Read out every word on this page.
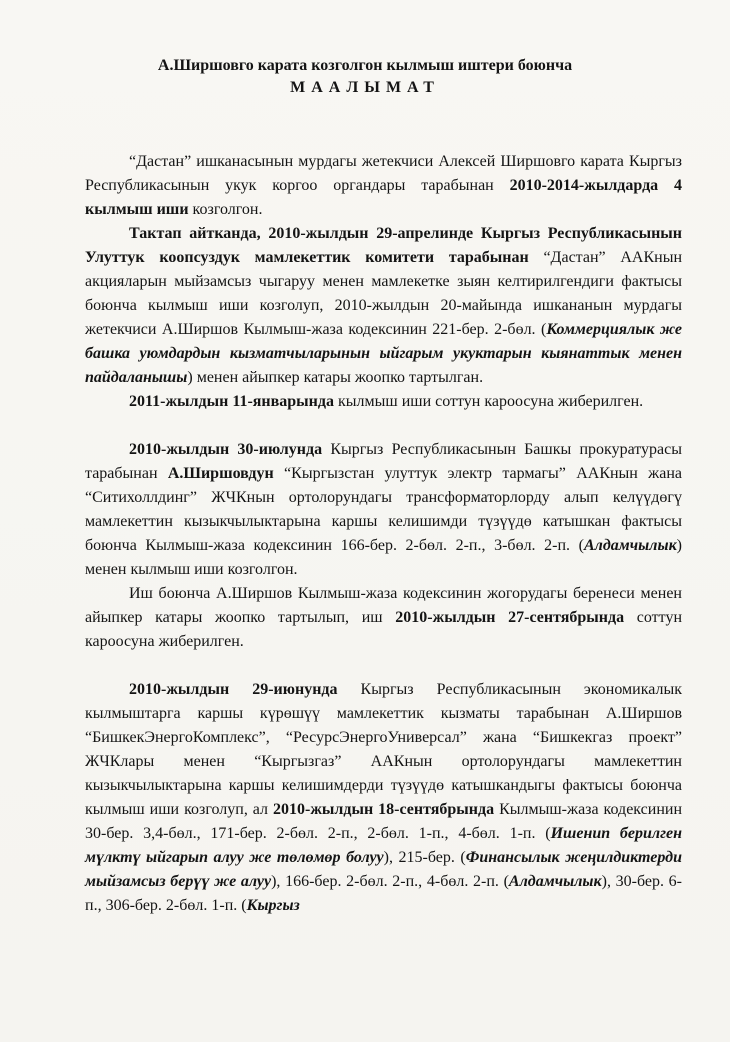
А.Ширшовго карата козголгон кылмыш иштери боюнча
МААЛЫМАТ

“Дастан” ишканасынын мурдагы жетекчиси Алексей Ширшовго карата Кыргыз Республикасынын укук коргоо органдары тарабынан 2010-2014-жылдарда 4 кылмыш иши козголгон.

Тактап айтканда, 2010-жылдын 29-апрелинде Кыргыз Республикасынын Улуттук коопсуздук мамлекеттик комитети тарабынан “Дастан” ААКнын акцияларын мыйзамсыз чыгаруу менен мамлекетке зыян келтирилгендиги фактысы боюнча кылмыш иши козголуп, 2010-жылдын 20-майында ишкананын мурдагы жетекчиси А.Ширшов Кылмыш-жаза кодексинин 221-бер. 2-бөл. (Коммерциялык же башка уюмдардын кызматчыларынын ыйгарым укуктарын кыянаттык менен пайдаланышы) менен айыпкер катары жоопко тартылган.

2011-жылдын 11-январында кылмыш иши соттун кароосуна жиберилген.

2010-жылдын 30-июлунда Кыргыз Республикасынын Башкы прокуратурасы тарабынан А.Ширшовдун “Кыргызстан улуттук электр тармагы” ААКнын жана “Ситихоллдинг” ЖЧКнын ортолорундагы трансформаторлорду алып келүүдөгү мамлекеттин кызыкчылыктарына каршы келишимди түзүүдө катышкан фактысы боюнча Кылмыш-жаза кодексинин 166-бер. 2-бөл. 2-п., 3-бөл. 2-п. (Алдамчылык) менен кылмыш иши козголгон.

Иш боюнча А.Ширшов Кылмыш-жаза кодексинин жогорудагы беренеси менен айыпкер катары жоопко тартылып, иш 2010-жылдын 27-сентябрында соттун кароосуна жиберилген.

2010-жылдын 29-июнунда Кыргыз Республикасынын экономикалык кылмыштарга каршы күрөшүү мамлекеттик кызматы тарабынан А.Ширшов “БишкекЭнергоКомплекс”, “РесурсЭнергоУниверсал” жана “Бишкекгаз проект” ЖЧКлары менен “Кыргызгаз” ААКнын ортолорундагы мамлекеттин кызыкчылыктарына каршы келишимдерди түзүүдө катышкандыгы фактысы боюнча кылмыш иши козголуп, ал 2010-жылдын 18-сентябрында Кылмыш-жаза кодексинин 30-бер. 3,4-бөл., 171-бер. 2-бөл. 2-п., 2-бөл. 1-п., 4-бөл. 1-п. (Ишенип берилген мүлктү ыйгарып алуу же төлөмөр болуу), 215-бер. (Финансылык жеңилдиктерди мыйзамсыз берүү же алуу), 166-бер. 2-бөл. 2-п., 4-бөл. 2-п. (Алдамчылык), 30-бер. 6-п., 306-бер. 2-бөл. 1-п. (Кыргыз
